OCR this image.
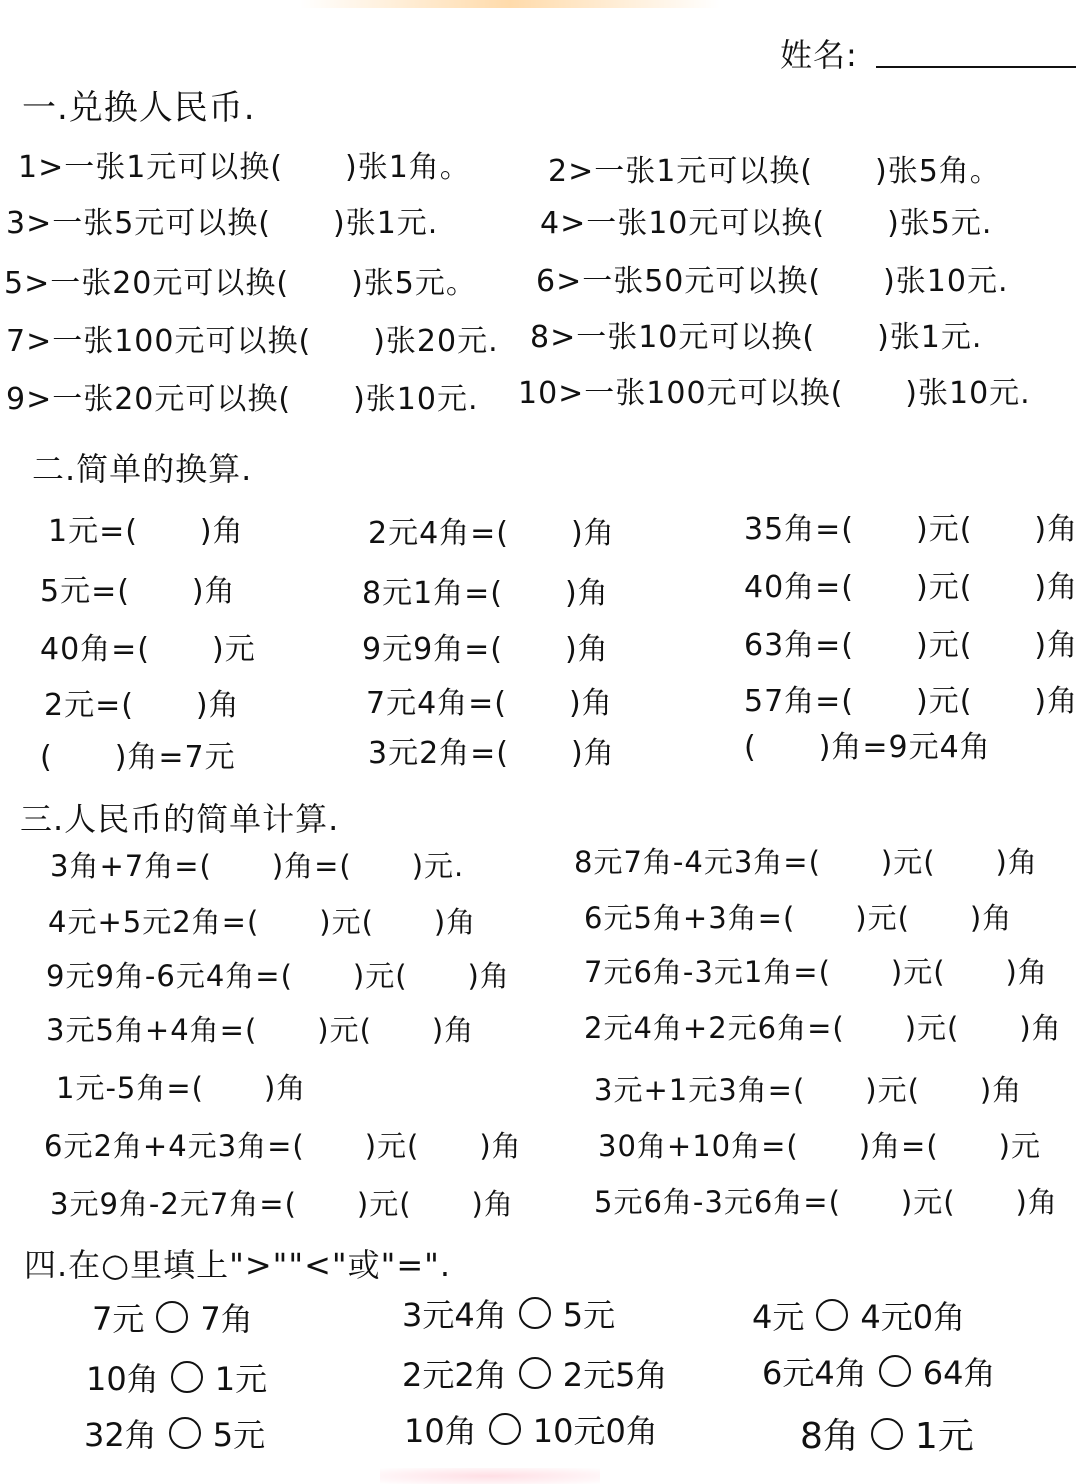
姓名:
一.兑换人民币.
1>一张1元可以换(　　)张1角。	2>一张1元可以换(　　)张5角。
3>一张5元可以换(　　)张1元.	4>一张10元可以换(　　)张5元.
5>一张20元可以换(　　)张5元。 6>一张50元可以换(　　)张10元.
7>一张100元可以换(　　)张20元. 8>一张10元可以换(　　)张1元.
9>一张20元可以换(　　)张10元. 10>一张100元可以换(　　)张10元.
二.简单的换算.
1元=(　　)角	2元4角=(　　)角	35角=(　　)元(　　)角
5元=(　　)角	8元1角=(　　)角	40角=(　　)元(　　)角
40角=(　　)元	9元9角=(　　)角	63角=(　　)元(　　)角
2元=(　　)角	7元4角=(　　)角	57角=(　　)元(　　)角
(　　)角=7元	3元2角=(　　)角	(　　)角=9元4角
三.人民币的简单计算.
3角+7角=(　　)角=(　　)元.	8元7角-4元3角=(　　)元(　　)角
4元+5元2角=(　　)元(　　)角	6元5角+3角=(　　)元(　　)角
9元9角-6元4角=(　　)元(　　)角	7元6角-3元1角=(　　)元(　　)角
3元5角+4角=(　　)元(　　)角	2元4角+2元6角=(　　)元(　　)角
1元-5角=(　　)角	3元+1元3角=(　　)元(　　)角
6元2角+4元3角=(　　)元(　　)角	30角+10角=(　　)角=(　　)元
3元9角-2元7角=(　　)元(　　)角	5元6角-3元6角=(　　)元(　　)角
四.在○里填上">""<"或"=".
7元 7角	3元4角 5元	4元 4元0角
10角 1元	2元2角 2元5角	6元4角 64角
32角 5元	10角 10元0角	8角 1元
